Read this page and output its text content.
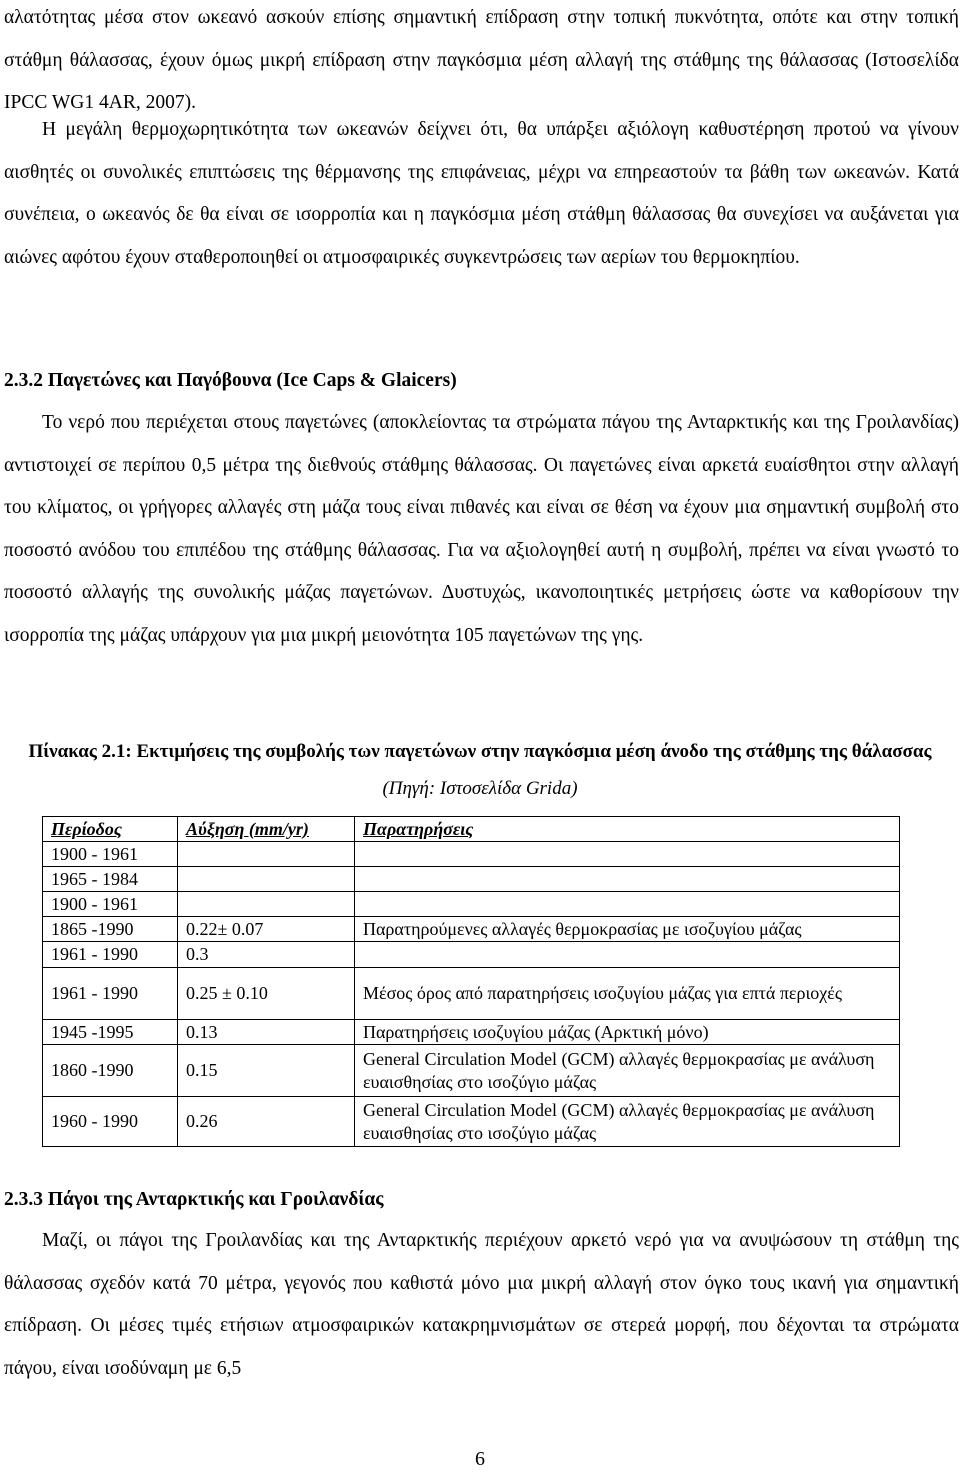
αλατότητας μέσα στον ωκεανό ασκούν επίσης σημαντική επίδραση στην τοπική πυκνότητα, οπότε και στην τοπική στάθμη θάλασσας, έχουν όμως μικρή επίδραση στην παγκόσμια μέση αλλαγή της στάθμης της θάλασσας (Ιστοσελίδα IPCC WG1 4AR, 2007).

Η μεγάλη θερμοχωρητικότητα των ωκεανών δείχνει ότι, θα υπάρξει αξιόλογη καθυστέρηση προτού να γίνουν αισθητές οι συνολικές επιπτώσεις της θέρμανσης της επιφάνειας, μέχρι να επηρεαστούν τα βάθη των ωκεανών. Κατά συνέπεια, ο ωκεανός δε θα είναι σε ισορροπία και η παγκόσμια μέση στάθμη θάλασσας θα συνεχίσει να αυξάνεται για αιώνες αφότου έχουν σταθεροποιηθεί οι ατμοσφαιρικές συγκεντρώσεις των αερίων του θερμοκηπίου.

2.3.2 Παγετώνες και Παγόβουνα (Ice Caps & Glaicers)

Το νερό που περιέχεται στους παγετώνες (αποκλείοντας τα στρώματα πάγου της Ανταρκτικής και της Γροιλανδίας) αντιστοιχεί σε περίπου 0,5 μέτρα της διεθνούς στάθμης θάλασσας. Οι παγετώνες είναι αρκετά ευαίσθητοι στην αλλαγή του κλίματος, οι γρήγορες αλλαγές στη μάζα τους είναι πιθανές και είναι σε θέση να έχουν μια σημαντική συμβολή στο ποσοστό ανόδου του επιπέδου της στάθμης θάλασσας. Για να αξιολογηθεί αυτή η συμβολή, πρέπει να είναι γνωστό το ποσοστό αλλαγής της συνολικής μάζας παγετώνων. Δυστυχώς, ικανοποιητικές μετρήσεις ώστε να καθορίσουν την ισορροπία της μάζας υπάρχουν για μια μικρή μειονότητα 105 παγετώνων της γης.

Πίνακας 2.1: Εκτιμήσεις της συμβολής των παγετώνων στην παγκόσμια μέση άνοδο της στάθμης της θάλασσας (Πηγή: Ιστοσελίδα Grida)

Περίοδος	Αύξηση (mm/yr)	Παρατηρήσεις
1900 - 1961		
1965 - 1984		
1900 - 1961		
1865 -1990	0.22± 0.07	Παρατηρούμενες αλλαγές θερμοκρασίας με ισοζυγίου μάζας
1961 - 1990	0.3	
1961 - 1990	0.25 ± 0.10	Μέσος όρος από παρατηρήσεις ισοζυγίου μάζας για επτά περιοχές
1945 -1995	0.13	Παρατηρήσεις ισοζυγίου μάζας (Αρκτική μόνο)
1860 -1990	0.15	General Circulation Model (GCM) αλλαγές θερμοκρασίας με ανάλυση ευαισθησίας στο ισοζύγιο μάζας
1960 - 1990	0.26	General Circulation Model (GCM) αλλαγές θερμοκρασίας με ανάλυση ευαισθησίας στο ισοζύγιο μάζας
2.3.3 Πάγοι της Ανταρκτικής και Γροιλανδίας

Μαζί, οι πάγοι της Γροιλανδίας και της Ανταρκτικής περιέχουν αρκετό νερό για να ανυψώσουν τη στάθμη της θάλασσας σχεδόν κατά 70 μέτρα, γεγονός που καθιστά μόνο μια μικρή αλλαγή στον όγκο τους ικανή για σημαντική επίδραση. Οι μέσες τιμές ετήσιων ατμοσφαιρικών κατακρημνισμάτων σε στερεά μορφή, που δέχονται τα στρώματα πάγου, είναι ισοδύναμη με 6,5

6
